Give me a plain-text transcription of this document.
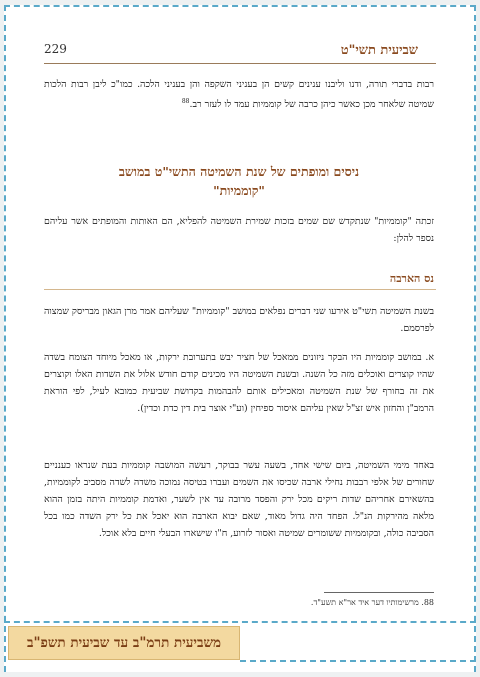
שביעית תשי"ט
229
רבות בדברי תורה, ודנו וליבנו ענינים קשים הן בעניני השקפה והן בעניני הלכה. כמו"כ ליבן רבות הלכות שמיטה שלאחר מכן כאשר כיהן כרבה של קוממיות עמד לו לעזר רב.$^{88}$
ניסים ומופתים של שנת השמיטה התשי"ט במושב
"קוממיות"
זכתה "קוממיות" שנתקדש שם שמים בזכות שמירת השמיטה להפליא, הם האותות והמופתים אשר עליהם נספר להלן:
נס הארבה
בשנת השמיטה תשי"ט אירעו שני דברים נפלאים במושב "קוממיות" שעליהם אמר מרן הגאון מבריסק שמצוה לפרסמם.
א. במושב קוממיות היו הבקר ניזונים ממאכל של חציר יבש בתערובת ירקות, או מאכל מיוחד הצומח בשדה שהיו קוצרים ואוכלים מזה כל השנה. ובשנת השמיטה היו מכינים קודם חודש אלול את השדות האלו וקוצרים את זה בחורף של שנת השמיטה ומאכילים אותם להבהמות בקדושת שביעית כמובא לעיל, לפי הוראת הרמב"ן והחזון איש זצ"ל שאין עליהם איסור ספיחין (וע"י אוצר בית דין כדת וכדין).
באחד מימי השמיטה, ביום שישי אחד, בשעה עשר בבוקר, רעשה המושבה קוממיות בעת שנראו כענניים שחורים של אלפי רבבות נחילי ארבה שכיסו את השמים ועברו בטיסה נמוכה משדה לשדה מסביב לקוממיות, בהשאירם אחריהם שדות ריקים מכל ירק והפסד מרובה עד אין לשער, ואדמת קוממיות היתה בזמן ההוא מלאה מהירקות הנ"ל. הפחד היה גדול מאוד, שאם יבוא הארבה הוא יאכל את כל ירק השדה כמו בכל הסביבה כולה, ובקוממיות ששומרים שמיטה ואסור לזרוע, ח"ו שישארו הבעלי חיים בלא אוכל.
88. מרשימותיו דער איד אר"א תשע"ד.
משביעית תרמ"ב עד שביעית תשפ"ב
